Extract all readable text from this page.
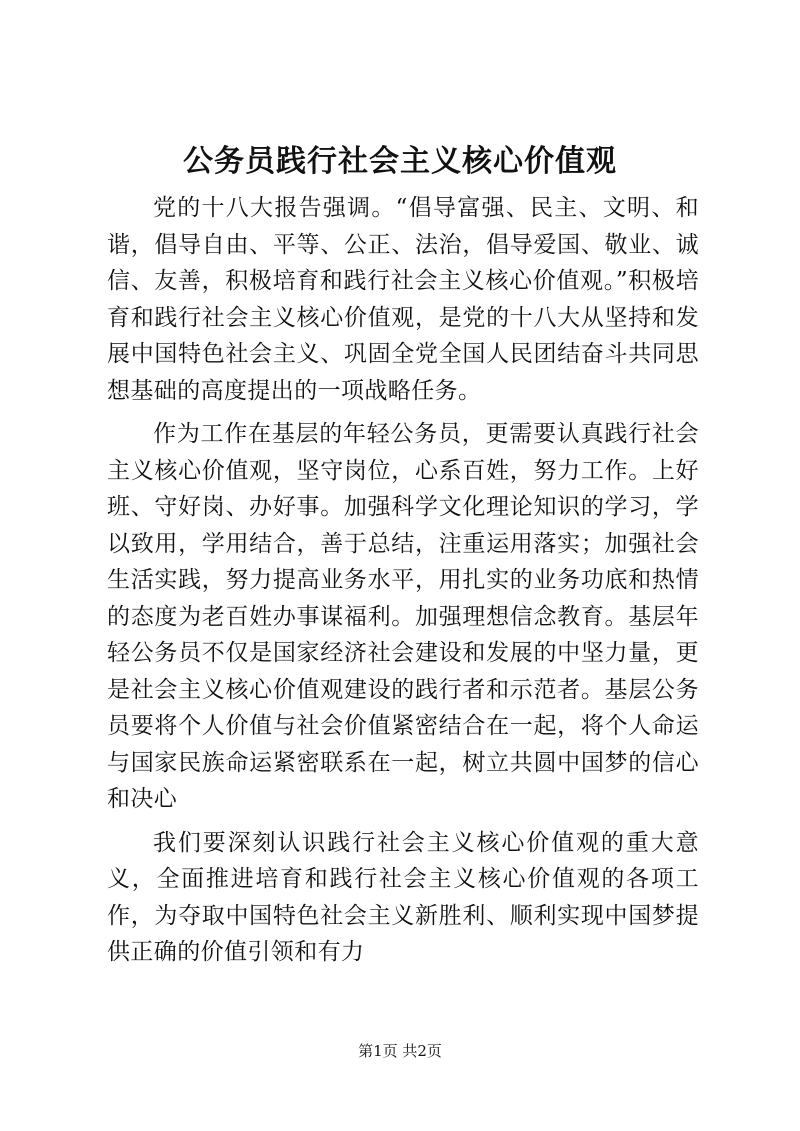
公务员践行社会主义核心价值观

党的十八大报告强调。“倡导富强、民主、文明、和谐，倡导自由、平等、公正、法治，倡导爱国、敬业、诚信、友善，积极培育和践行社会主义核心价值观。”积极培育和践行社会主义核心价值观，是党的十八大从坚持和发展中国特色社会主义、巩固全党全国人民团结奋斗共同思想基础的高度提出的一项战略任务。

作为工作在基层的年轻公务员，更需要认真践行社会主义核心价值观，坚守岗位，心系百姓，努力工作。上好班、守好岗、办好事。加强科学文化理论知识的学习，学以致用，学用结合，善于总结，注重运用落实；加强社会生活实践，努力提高业务水平，用扎实的业务功底和热情的态度为老百姓办事谋福利。加强理想信念教育。基层年轻公务员不仅是国家经济社会建设和发展的中坚力量，更是社会主义核心价值观建设的践行者和示范者。基层公务员要将个人价值与社会价值紧密结合在一起，将个人命运与国家民族命运紧密联系在一起，树立共圆中国梦的信心和决心

我们要深刻认识践行社会主义核心价值观的重大意义，全面推进培育和践行社会主义核心价值观的各项工作，为夺取中国特色社会主义新胜利、顺利实现中国梦提供正确的价值引领和有力

第1页 共2页
